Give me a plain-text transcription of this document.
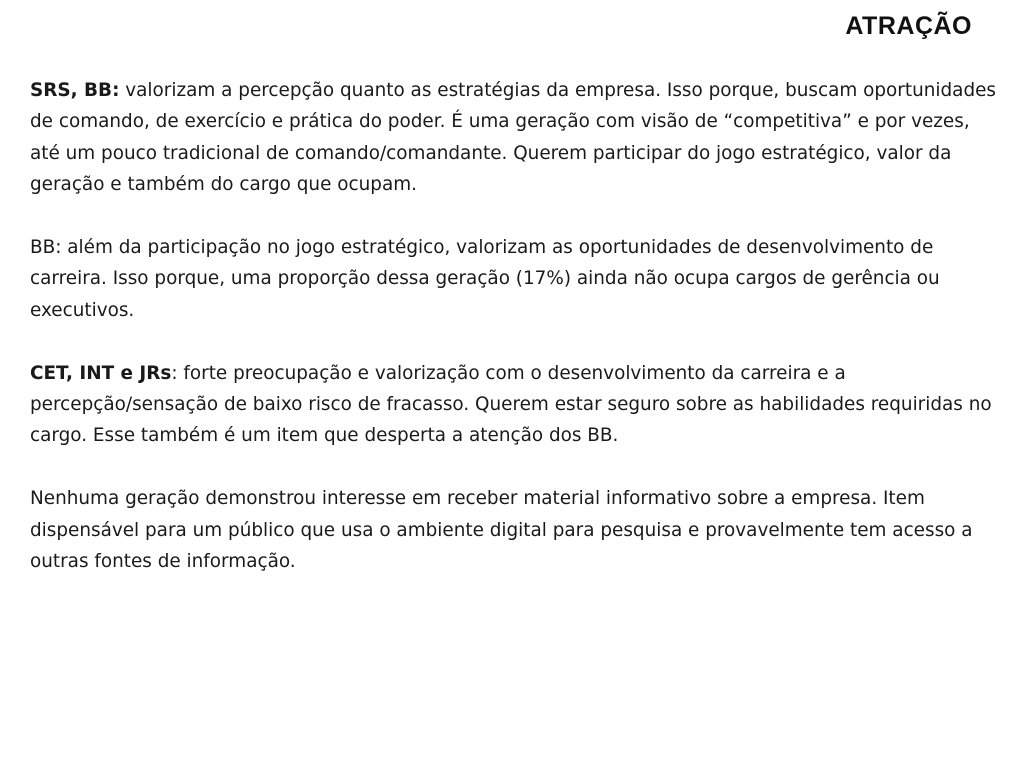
ATRAÇÃO

SRS, BB: valorizam a percepção quanto as estratégias da empresa. Isso porque, buscam oportunidades de comando, de exercício e prática do poder. É uma geração com visão de “competitiva” e por vezes, até um pouco tradicional de comando/comandante. Querem participar do jogo estratégico, valor da geração e também do cargo que ocupam.

BB: além da participação no jogo estratégico, valorizam as oportunidades de desenvolvimento de carreira. Isso porque, uma proporção dessa geração (17%) ainda não ocupa cargos de gerência ou executivos.

CET, INT e JRs: forte preocupação e valorização com o desenvolvimento da carreira e a percepção/sensação de baixo risco de fracasso. Querem estar seguro sobre as habilidades requiridas no cargo. Esse também é um item que desperta a atenção dos BB.

Nenhuma geração demonstrou interesse em receber material informativo sobre a empresa. Item dispensável para um público que usa o ambiente digital para pesquisa e provavelmente tem acesso a outras fontes de informação.
